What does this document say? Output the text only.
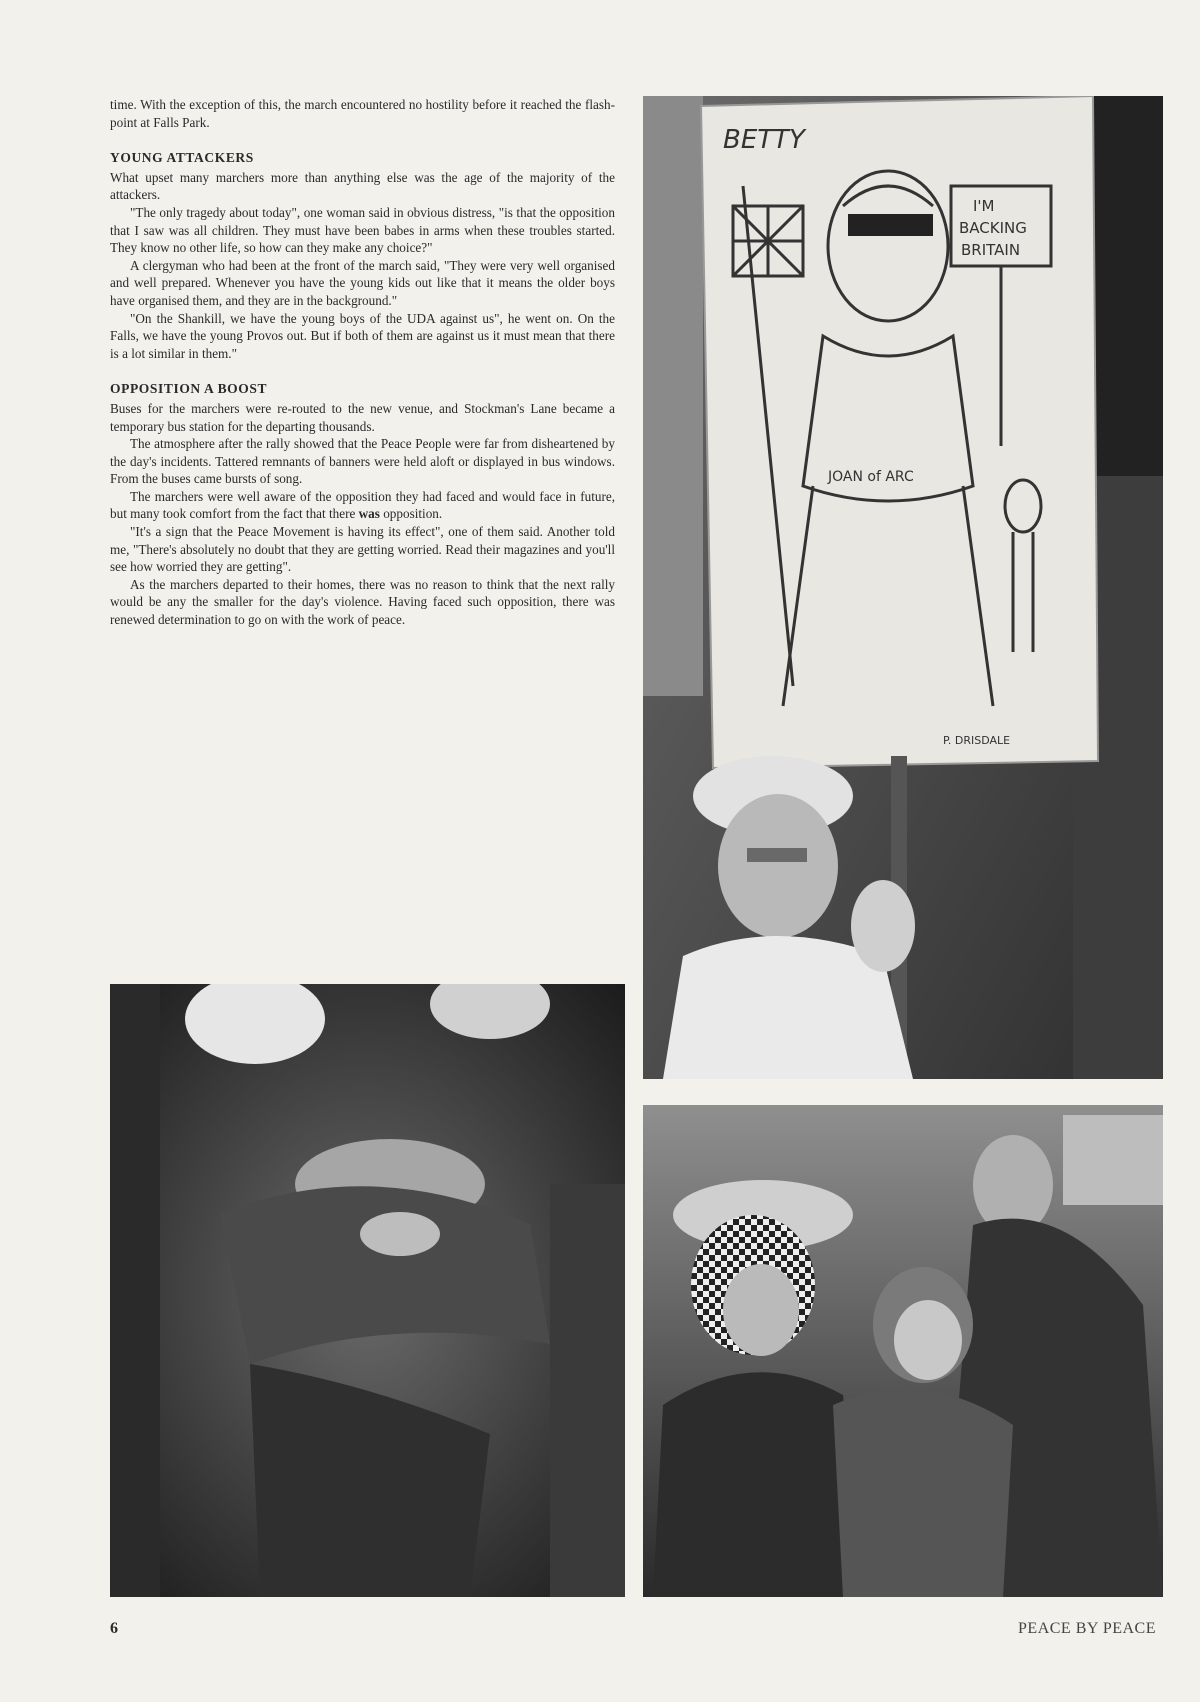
time. With the exception of this, the march encountered no hostility before it reached the flash-point at Falls Park.

YOUNG ATTACKERS

What upset many marchers more than anything else was the age of the majority of the attackers.

"The only tragedy about today", one woman said in obvious distress, "is that the opposition that I saw was all children. They must have been babes in arms when these troubles started. They know no other life, so how can they make any choice?"

A clergyman who had been at the front of the march said, "They were very well organised and well prepared. Whenever you have the young kids out like that it means the older boys have organised them, and they are in the background."

"On the Shankill, we have the young boys of the UDA against us", he went on. On the Falls, we have the young Provos out. But if both of them are against us it must mean that there is a lot similar in them."

OPPOSITION A BOOST

Buses for the marchers were re-routed to the new venue, and Stockman's Lane became a temporary bus station for the departing thousands.

The atmosphere after the rally showed that the Peace People were far from disheartened by the day's incidents. Tattered remnants of banners were held aloft or displayed in bus windows. From the buses came bursts of song.

The marchers were well aware of the opposition they had faced and would face in future, but many took comfort from the fact that there was opposition.

"It's a sign that the Peace Movement is having its effect", one of them said. Another told me, "There's absolutely no doubt that they are getting worried. Read their magazines and you'll see how worried they are getting".

As the marchers departed to their homes, there was no reason to think that the next rally would be any the smaller for the day's violence. Having faced such opposition, there was renewed determination to go on with the work of peace.

BETTY
I'M
BACKING
BRITAIN
JOAN of ARC
P. DRISDALE
6	PEACE BY PEACE
